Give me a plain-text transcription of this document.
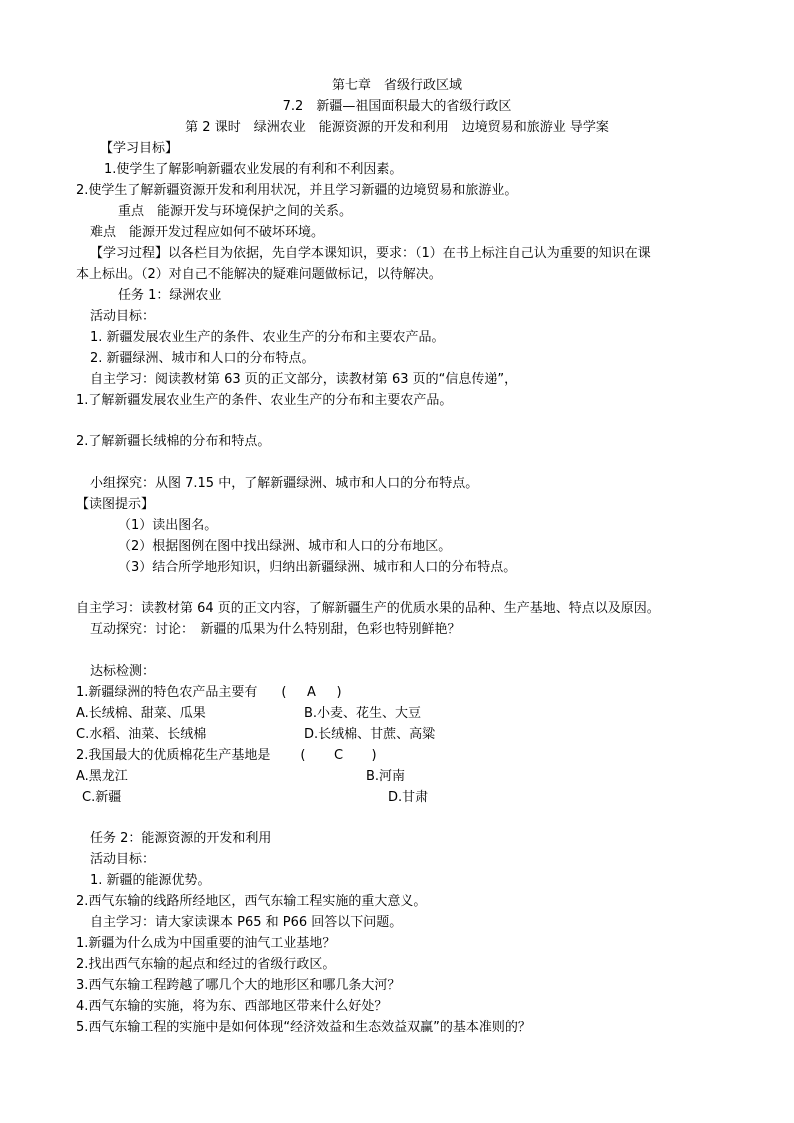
第七章　省级行政区域
7.2　新疆—祖国面积最大的省级行政区
第 2 课时　绿洲农业　能源资源的开发和利用　边境贸易和旅游业 导学案
【学习目标】
1.使学生了解影响新疆农业发展的有利和不利因素。
2.使学生了解新疆资源开发和利用状况，并且学习新疆的边境贸易和旅游业。
重点　能源开发与环境保护之间的关系。
难点　能源开发过程应如何不破坏环境。
【学习过程】以各栏目为依据，先自学本课知识，要求：（1）在书上标注自己认为重要的知识在课
本上标出。（2）对自己不能解决的疑难问题做标记，以待解决。
任务 1：绿洲农业
活动目标：
1. 新疆发展农业生产的条件、农业生产的分布和主要农产品。
2. 新疆绿洲、城市和人口的分布特点。
自主学习：阅读教材第 63 页的正文部分，读教材第 63 页的“信息传递”，
1.了解新疆发展农业生产的条件、农业生产的分布和主要农产品。
2.了解新疆长绒棉的分布和特点。
小组探究：从图 7.15 中，了解新疆绿洲、城市和人口的分布特点。
【读图提示】
（1）读出图名。
（2）根据图例在图中找出绿洲、城市和人口的分布地区。
（3）结合所学地形知识，归纳出新疆绿洲、城市和人口的分布特点。
自主学习：读教材第 64 页的正文内容，了解新疆生产的优质水果的品种、生产基地、特点以及原因。
互动探究：讨论：　新疆的瓜果为什么特别甜，色彩也特别鲜艳？
达标检测：
1.新疆绿洲的特色农产品主要有 ( A )
A.长绒棉、甜菜、瓜果	B.小麦、花生、大豆
C.水稻、油菜、长绒棉	D.长绒棉、甘蔗、高粱
2.我国最大的优质棉花生产基地是 ( C )
A.黑龙江	B.河南
C.新疆	D.甘肃
任务 2：能源资源的开发和利用
活动目标：
1. 新疆的能源优势。
2.西气东输的线路所经地区，西气东输工程实施的重大意义。
自主学习：请大家读课本 P65 和 P66 回答以下问题。
1.新疆为什么成为中国重要的油气工业基地？
2.找出西气东输的起点和经过的省级行政区。
3.西气东输工程跨越了哪几个大的地形区和哪几条大河？
4.西气东输的实施，将为东、西部地区带来什么好处？
5.西气东输工程的实施中是如何体现“经济效益和生态效益双赢”的基本准则的？
